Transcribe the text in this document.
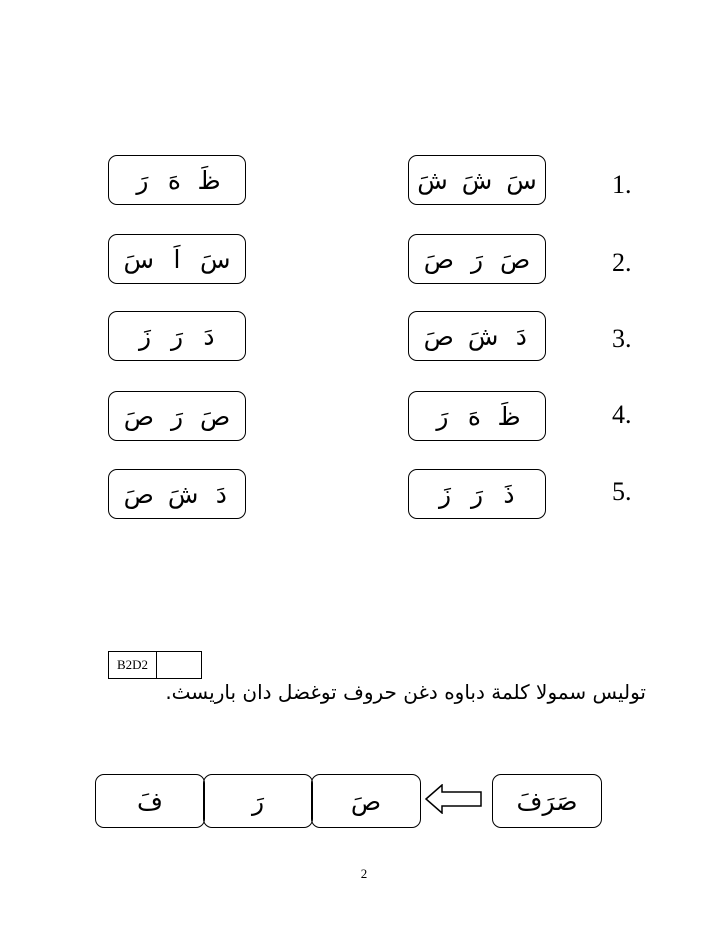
1.
سَ
شَ
شَ
ظَ
هَ
رَ
2.
صَ
رَ
صَ
سَ
اَ
سَ
3.
دَ
شَ
صَ
دَ
رَ
زَ
4.
ظَ
هَ
رَ
صَ
رَ
صَ
5.
ذَ
رَ
زَ
دَ
شَ
صَ
B2D2
توليس سمولا كلمة دباوه دغن حروف توغضل دان باريسث.
صَرَفَ
صَ
رَ
فَ
2
